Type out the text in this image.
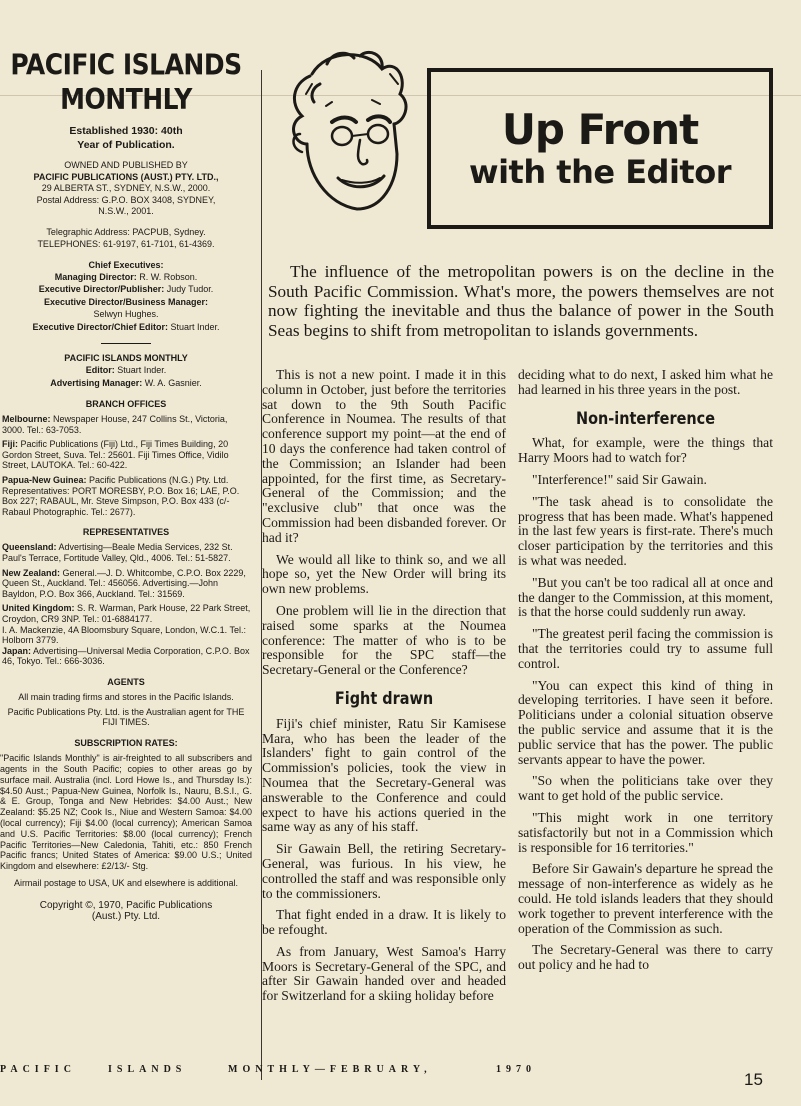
PACIFIC ISLANDS
MONTHLY
Established 1930: 40th
Year of Publication.
OWNED AND PUBLISHED BY
PACIFIC PUBLICATIONS (AUST.) PTY. LTD.,
29 ALBERTA ST., SYDNEY, N.S.W., 2000.
Postal Address: G.P.O. BOX 3408, SYDNEY,
N.S.W., 2001.
Telegraphic Address: PACPUB, Sydney.
TELEPHONES: 61-9197, 61-7101, 61-4369.
Chief Executives:
Managing Director: R. W. Robson.
Executive Director/Publisher: Judy Tudor.
Executive Director/Business Manager:
Selwyn Hughes.
Executive Director/Chief Editor: Stuart Inder.
PACIFIC ISLANDS MONTHLY
Editor: Stuart Inder.
Advertising Manager: W. A. Gasnier.
BRANCH OFFICES
Melbourne: Newspaper House, 247 Collins St., Victoria, 3000. Tel.: 63-7053.
Fiji: Pacific Publications (Fiji) Ltd., Fiji Times Building, 20 Gordon Street, Suva. Tel.: 25601. Fiji Times Office, Vidilo Street, LAUTOKA. Tel.: 60-422.
Papua-New Guinea: Pacific Publications (N.G.) Pty. Ltd. Representatives: PORT MORESBY, P.O. Box 16; LAE, P.O. Box 227; RABAUL, Mr. Steve Simpson, P.O. Box 433 (c/- Rabaul Photographic. Tel.: 2677).
REPRESENTATIVES
Queensland: Advertising—Beale Media Services, 232 St. Paul's Terrace, Fortitude Valley, Qld., 4006. Tel.: 51-5827.
New Zealand: General.—J. D. Whitcombe, C.P.O. Box 2229, Queen St., Auckland. Tel.: 456056. Advertising.—John Bayldon, P.O. Box 366, Auckland. Tel.: 31569.
United Kingdom: S. R. Warman, Park House, 22 Park Street, Croydon, CR9 3NP. Tel.: 01-6884177.
I. A. Mackenzie, 4A Bloomsbury Square, London, W.C.1. Tel.: Holborn 3779.
Japan: Advertising—Universal Media Corporation, C.P.O. Box 46, Tokyo. Tel.: 666-3036.
AGENTS
All main trading firms and stores in the Pacific Islands.
Pacific Publications Pty. Ltd. is the Australian agent for THE FIJI TIMES.
SUBSCRIPTION RATES:
"Pacific Islands Monthly" is air-freighted to all subscribers and agents in the South Pacific; copies to other areas go by surface mail. Australia (incl. Lord Howe Is., and Thursday Is.): $4.50 Aust.; Papua-New Guinea, Norfolk Is., Nauru, B.S.I., G. & E. Group, Tonga and New Hebrides: $4.00 Aust.; New Zealand: $5.25 NZ; Cook Is., Niue and Western Samoa: $4.00 (local currency); Fiji $4.00 (local currency); American Samoa and U.S. Pacific Territories: $8.00 (local currency); French Pacific Territories—New Caledonia, Tahiti, etc.: 850 French Pacific francs; United States of America: $9.00 U.S.; United Kingdom and elsewhere: £2/13/- Stg.
Airmail postage to USA, UK and elsewhere is additional.
Copyright ©, 1970, Pacific Publications
(Aust.) Pty. Ltd.
Up Front
with the Editor

The influence of the metropolitan powers is on the decline in the South Pacific Commission. What's more, the powers themselves are not now fighting the inevitable and thus the balance of power in the South Seas begins to shift from metropolitan to islands governments.

This is not a new point. I made it in this column in October, just before the territories sat down to the 9th South Pacific Conference in Noumea. The results of that conference support my point—at the end of 10 days the conference had taken control of the Commission; an Islander had been appointed, for the first time, as Secretary-General of the Commission; and the "exclusive club" that once was the Commission had been disbanded forever. Or had it?

We would all like to think so, and we all hope so, yet the New Order will bring its own new problems.

One problem will lie in the direction that raised some sparks at the Noumea conference: The matter of who is to be responsible for the SPC staff—the Secretary-General or the Conference?

Fight drawn

Fiji's chief minister, Ratu Sir Kamisese Mara, who has been the leader of the Islanders' fight to gain control of the Commission's policies, took the view in Noumea that the Secretary-General was answerable to the Conference and could expect to have his actions queried in the same way as any of his staff.

Sir Gawain Bell, the retiring Secretary-General, was furious. In his view, he controlled the staff and was responsible only to the commissioners.

That fight ended in a draw. It is likely to be refought.

As from January, West Samoa's Harry Moors is Secretary-General of the SPC, and after Sir Gawain handed over and headed for Switzerland for a skiing holiday before

deciding what to do next, I asked him what he had learned in his three years in the post.

Non-interference

What, for example, were the things that Harry Moors had to watch for?

"Interference!" said Sir Gawain.

"The task ahead is to consolidate the progress that has been made. What's happened in the last few years is first-rate. There's much closer participation by the territories and this is what was needed.

"But you can't be too radical all at once and the danger to the Commission, at this moment, is that the horse could suddenly run away.

"The greatest peril facing the commission is that the territories could try to assume full control.

"You can expect this kind of thing in developing territories. I have seen it before. Politicians under a colonial situation observe the public service and assume that it is the public service that has the power. The public servants appear to have the power.

"So when the politicians take over they want to get hold of the public service.

"This might work in one territory satisfactorily but not in a Commission which is responsible for 16 territories."

Before Sir Gawain's departure he spread the message of non-interference as widely as he could. He told islands leaders that they should work together to prevent interference with the operation of the Commission as such.

The Secretary-General was there to carry out policy and he had to

PACIFIC	ISLANDS	MONTHLY—FEBRUARY,	1970
15
